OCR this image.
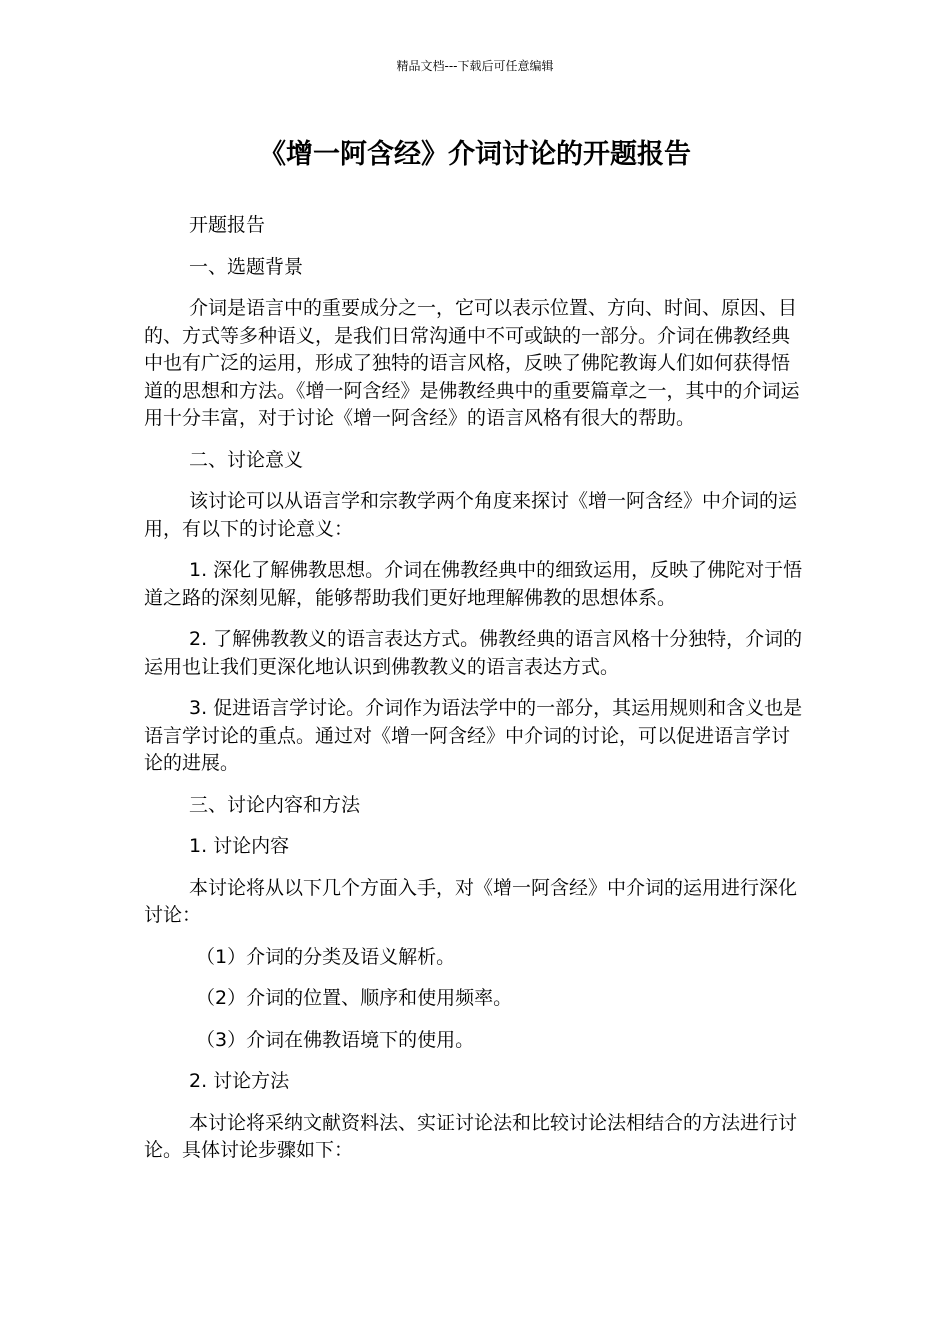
精品文档---下载后可任意编辑
《增一阿含经》介词讨论的开题报告

开题报告

一、选题背景

介词是语言中的重要成分之一，它可以表示位置、方向、时间、原因、目的、方式等多种语义，是我们日常沟通中不可或缺的一部分。介词在佛教经典中也有广泛的运用，形成了独特的语言风格，反映了佛陀教诲人们如何获得悟道的思想和方法。《增一阿含经》是佛教经典中的重要篇章之一，其中的介词运用十分丰富，对于讨论《增一阿含经》的语言风格有很大的帮助。

二、讨论意义

该讨论可以从语言学和宗教学两个角度来探讨《增一阿含经》中介词的运用，有以下的讨论意义：

1. 深化了解佛教思想。介词在佛教经典中的细致运用，反映了佛陀对于悟道之路的深刻见解，能够帮助我们更好地理解佛教的思想体系。

2. 了解佛教教义的语言表达方式。佛教经典的语言风格十分独特，介词的运用也让我们更深化地认识到佛教教义的语言表达方式。

3. 促进语言学讨论。介词作为语法学中的一部分，其运用规则和含义也是语言学讨论的重点。通过对《增一阿含经》中介词的讨论，可以促进语言学讨论的进展。

三、讨论内容和方法

1. 讨论内容

本讨论将从以下几个方面入手，对《增一阿含经》中介词的运用进行深化讨论：

（1）介词的分类及语义解析。

（2）介词的位置、顺序和使用频率。

（3）介词在佛教语境下的使用。

2. 讨论方法

本讨论将采纳文献资料法、实证讨论法和比较讨论法相结合的方法进行讨论。具体讨论步骤如下：
